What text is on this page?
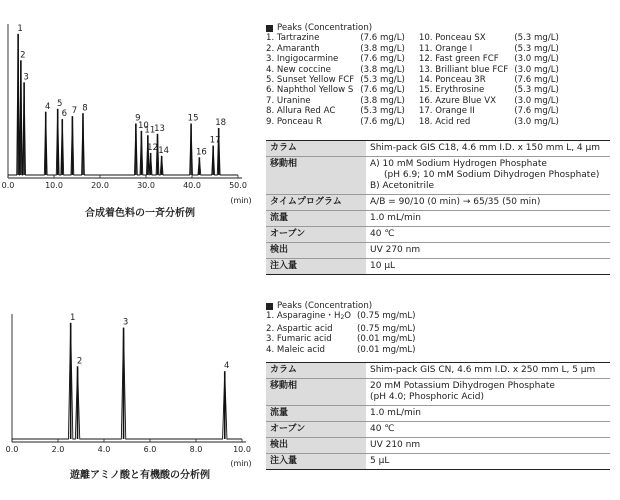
0.0	10.0	20.0	30.0	40.0	50.0
1
2
3
4 5
6 7 8
9
10
11
12
13
14
15
16
17
18
(min)
合成着色料の一斉分析例
Peaks (Concentration)
1. Tartrazine	(7.6 mg/L)
2. Amaranth	(3.8 mg/L)
3. Ingigocarmine	(7.6 mg/L)
4. New coccine	(3.8 mg/L)
5. Sunset Yellow FCF (5.3 mg/L)
6. Naphthol Yellow S (7.6 mg/L)
7. Uranine	(3.8 mg/L)
8. Allura Red AC	(5.3 mg/L)
9. Ponceau R	(7.6 mg/L)
10. Ponceau SX	(5.3 mg/L)
11. Orange I	(5.3 mg/L)
12. Fast green FCF	(3.0 mg/L)
13. Brilliant blue FCF (3.0 mg/L)
14. Ponceau 3R	(7.6 mg/L)
15. Erythrosine	(5.3 mg/L)
16. Azure Blue VX	(3.0 mg/L)
17. Orange II	(7.6 mg/L)
18. Acid red	(3.0 mg/L)
カラム	Shim-pack GIS C18, 4.6 mm I.D. x 150 mm L, 4 μm
移動相	A) 10 mM Sodium Hydrogen Phosphate
(pH 6.9; 10 mM Sodium Dihydrogen Phosphate)
B) Acetonitrile

タイムプログラム	A/B = 90/10 (0 min) → 65/35 (50 min)
流量	1.0 mL/min
オーブン	40 ℃
検出	UV 270 nm
注入量	10 μL
0.0	2.0	4.0	6.0	8.0	10.0
1
2
3
4
(min)
遊離アミノ酸と有機酸の分析例
Peaks (Concentration)
1. Asparagine・H2O (0.75 mg/mL)
2. Aspartic acid	(0.75 mg/mL)
3. Fumaric acid	(0.01 mg/mL)
4. Maleic acid	(0.01 mg/mL)
カラム	Shim-pack GIS CN, 4.6 mm I.D. x 250 mm L, 5 μm
移動相	20 mM Potassium Dihydrogen Phosphate
(pH 4.0; Phosphoric Acid)

流量	1.0 mL/min
オーブン	40 ℃
検出	UV 210 nm
注入量	5 μL
